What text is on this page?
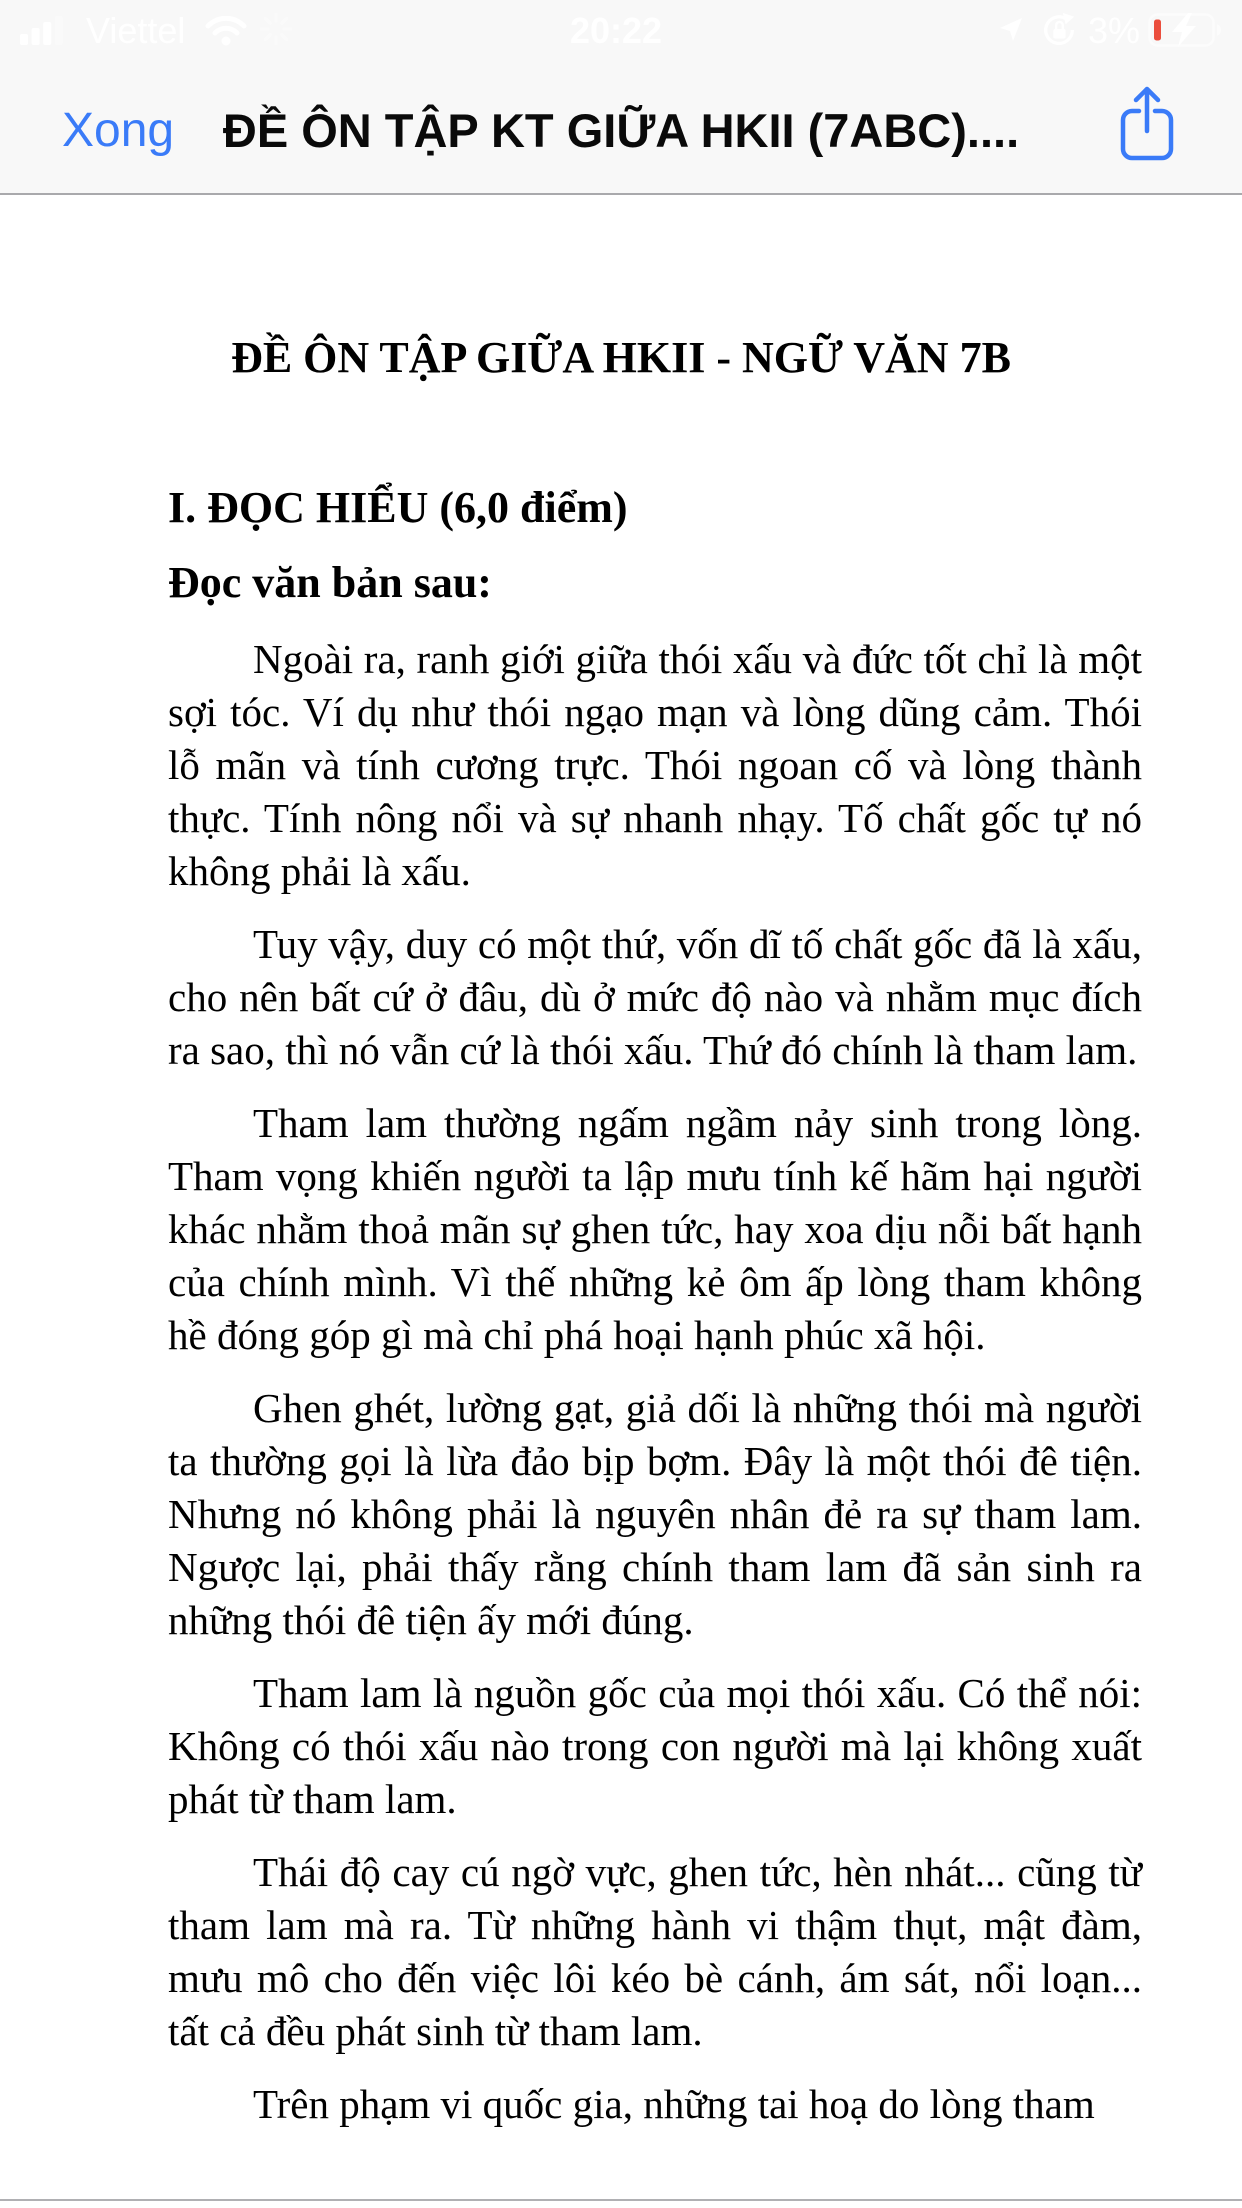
Viettel	20:22	3%
Xong ĐỀ ÔN TẬP KT GIỮA HKII (7ABC)....
ĐỀ ÔN TẬP GIỮA HKII - NGỮ VĂN 7B
I. ĐỌC HIỂU (6,0 điểm)
Đọc văn bản sau:

Ngoài ra, ranh giới giữa thói xấu và đức tốt chỉ là một sợi tóc. Ví dụ như thói ngạo mạn và lòng dũng cảm. Thói lỗ mãn và tính cương trực. Thói ngoan cố và lòng thành thực. Tính nông nổi và sự nhanh nhạy. Tố chất gốc tự nó không phải là xấu.

Tuy vậy, duy có một thứ, vốn dĩ tố chất gốc đã là xấu, cho nên bất cứ ở đâu, dù ở mức độ nào và nhằm mục đích ra sao, thì nó vẫn cứ là thói xấu. Thứ đó chính là tham lam.

Tham lam thường ngấm ngầm nảy sinh trong lòng. Tham vọng khiến người ta lập mưu tính kế hãm hại người khác nhằm thoả mãn sự ghen tức, hay xoa dịu nỗi bất hạnh của chính mình. Vì thế những kẻ ôm ấp lòng tham không hề đóng góp gì mà chỉ phá hoại hạnh phúc xã hội.

Ghen ghét, lường gạt, giả dối là những thói mà người ta thường gọi là lừa đảo bịp bợm. Đây là một thói đê tiện. Nhưng nó không phải là nguyên nhân đẻ ra sự tham lam. Ngược lại, phải thấy rằng chính tham lam đã sản sinh ra những thói đê tiện ấy mới đúng.

Tham lam là nguồn gốc của mọi thói xấu. Có thể nói: Không có thói xấu nào trong con người mà lại không xuất phát từ tham lam.

Thái độ cay cú ngờ vực, ghen tức, hèn nhát... cũng từ tham lam mà ra. Từ những hành vi thậm thụt, mật đàm, mưu mô cho đến việc lôi kéo bè cánh, ám sát, nổi loạn... tất cả đều phát sinh từ tham lam.

Trên phạm vi quốc gia, những tai hoạ do lòng tham
